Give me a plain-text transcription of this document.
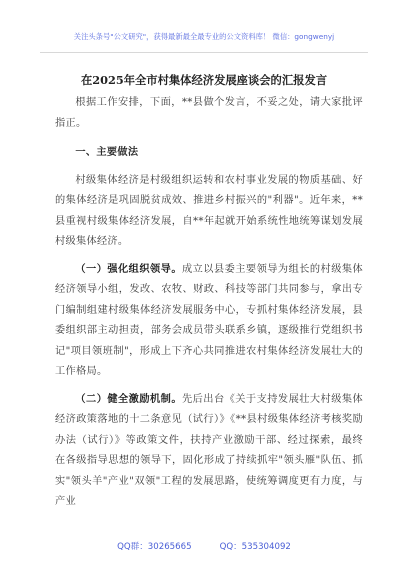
关注头条号"公文研究"，获得最新最全最专业的公文资料库！ 微信：gongwenyj
在2025年全市村集体经济发展座谈会的汇报发言

根据工作安排，下面，**县做个发言，不妥之处，请大家批评指正。

一、主要做法

村级集体经济是村级组织运转和农村事业发展的物质基础、好的集体经济是巩固脱贫成效、推进乡村振兴的"利器"。近年来，**县重视村级集体经济发展，自**年起就开始系统性地统筹谋划发展村级集体经济。

（一）强化组织领导。成立以县委主要领导为组长的村级集体经济领导小组，发改、农牧、财政、科技等部门共同参与，拿出专门编制组建村级集体经济发展服务中心，专抓村集体经济发展，县委组织部主动担责，部务会成员带头联系乡镇，逐级推行党组织书记"项目领班制"，形成上下齐心共同推进农村集体经济发展壮大的工作格局。

（二）健全激励机制。先后出台《关于支持发展壮大村级集体经济政策落地的十二条意见（试行）》《**县村级集体经济考核奖励办法（试行）》等政策文件，扶持产业激励干部、经过探索，最终在各级指导思想的领导下，固化形成了持续抓牢"领头雁"队伍、抓实"领头羊"产业"双领"工程的发展思路，使统筹调度更有力度，与产业

QQ群：30265665	QQ：535304092
